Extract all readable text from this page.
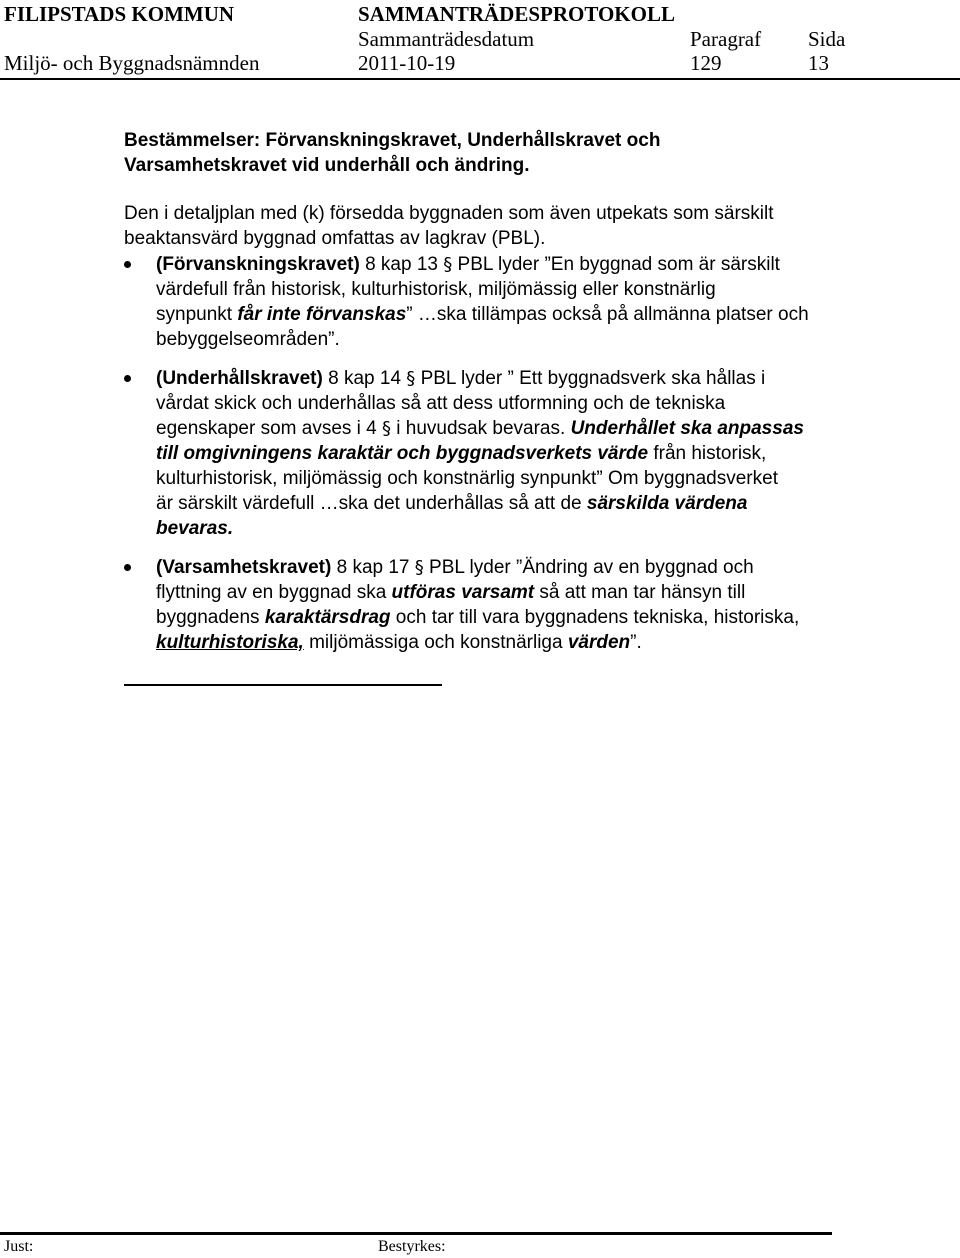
FILIPSTADS KOMMUN	SAMMANTRÄDESPROTOKOLL
Sammanträdesdatum	Paragraf Sida
Miljö- och Byggnadsnämnden	2011-10-19	129	13
Bestämmelser: Förvanskningskravet, Underhållskravet och
Varsamhetskravet vid underhåll och ändring.
Den i detaljplan med (k) försedda byggnaden som även utpekats som särskilt
beaktansvärd byggnad omfattas av lagkrav (PBL).
(Förvanskningskravet) 8 kap 13 § PBL lyder ”En byggnad som är särskilt
värdefull från historisk, kulturhistorisk, miljömässig eller konstnärlig
synpunkt får inte förvanskas” …ska tillämpas också på allmänna platser och
bebyggelseområden”.
(Underhållskravet) 8 kap 14 § PBL lyder ” Ett byggnadsverk ska hållas i
vårdat skick och underhållas så att dess utformning och de tekniska
egenskaper som avses i 4 § i huvudsak bevaras. Underhållet ska anpassas
till omgivningens karaktär och byggnadsverkets värde från historisk,
kulturhistorisk, miljömässig och konstnärlig synpunkt” Om byggnadsverket
är särskilt värdefull …ska det underhållas så att de särskilda värdena
bevaras.
(Varsamhetskravet) 8 kap 17 § PBL lyder ”Ändring av en byggnad och
flyttning av en byggnad ska utföras varsamt så att man tar hänsyn till
byggnadens karaktärsdrag och tar till vara byggnadens tekniska, historiska,
kulturhistoriska, miljömässiga och konstnärliga värden”.
Just:	Bestyrkes:
